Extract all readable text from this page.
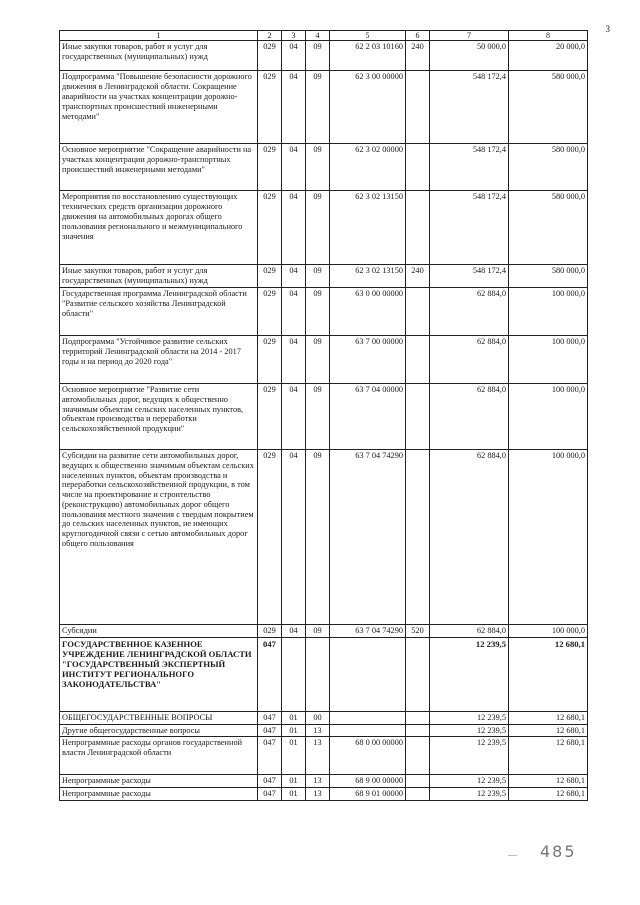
3
1	2	3	4	5	6	7	8
Иные закупки товаров, работ и услуг для государственных (муниципальных) нужд	029	04	09	62 2 03 10160	240	50 000,0	20 000,0
Подпрограмма "Повышение безопасности дорожного движения в Ленинградской области. Сокращение аварийности на участках концентрации дорожно-транспортных происшествий инженерными методами"	029	04	09	62 3 00 00000		548 172,4	580 000,0
Основное мероприятие "Сокращение аварийности на участках концентрации дорожно-транспортных происшествий инженерными методами"	029	04	09	62 3 02 00000		548 172,4	580 000,0
Мероприятия по восстановлению существующих технических средств организации дорожного движения на автомобильных дорогах общего пользования регионального и межмуниципального значения	029	04	09	62 3 02 13150		548 172,4	580 000,0
Иные закупки товаров, работ и услуг для государственных (муниципальных) нужд	029	04	09	62 3 02 13150	240	548 172,4	580 000,0
Государственная программа Ленинградской области "Развитие сельского хозяйства Ленинградской области"	029	04	09	63 0 00 00000		62 884,0	100 000,0
Подпрограмма "Устойчивое развитие сельских территорий Ленинградской области на 2014 - 2017 годы и на период до 2020 года"	029	04	09	63 7 00 00000		62 884,0	100 000,0
Основное мероприятие "Развитие сети автомобильных дорог, ведущих к общественно значимым объектам сельских населенных пунктов, объектам производства и переработки сельскохозяйственной продукции"	029	04	09	63 7 04 00000		62 884,0	100 000,0
Субсидии на развитие сети автомобильных дорог, ведущих к общественно значимым объектам сельских населенных пунктов, объектам производства и переработки сельскохозяйственной продукции, в том числе на проектирование и строительство (реконструкцию) автомобильных дорог общего пользования местного значения с твердым покрытием до сельских населенных пунктов, не имеющих круглогодичной связи с сетью автомобильных дорог общего пользования	029	04	09	63 7 04 74290		62 884,0	100 000,0
Субсидии	029	04	09	63 7 04 74290	520	62 884,0	100 000,0
ГОСУДАРСТВЕННОЕ КАЗЕННОЕ УЧРЕЖДЕНИЕ ЛЕНИНГРАДСКОЙ ОБЛАСТИ "ГОСУДАРСТВЕННЫЙ ЭКСПЕРТНЫЙ ИНСТИТУТ РЕГИОНАЛЬНОГО ЗАКОНОДАТЕЛЬСТВА"	047					12 239,5	12 680,1
ОБЩЕГОСУДАРСТВЕННЫЕ ВОПРОСЫ	047	01	00			12 239,5	12 680,1
Другие общегосударственные вопросы	047	01	13			12 239,5	12 680,1
Непрограммные расходы органов государственной власти Ленинградской области	047	01	13	68 0 00 00000		12 239,5	12 680,1
Непрограммные расходы	047	01	13	68 9 00 00000		12 239,5	12 680,1
Непрограммные расходы	047	01	13	68 9 01 00000		12 239,5	12 680,1
— 485
